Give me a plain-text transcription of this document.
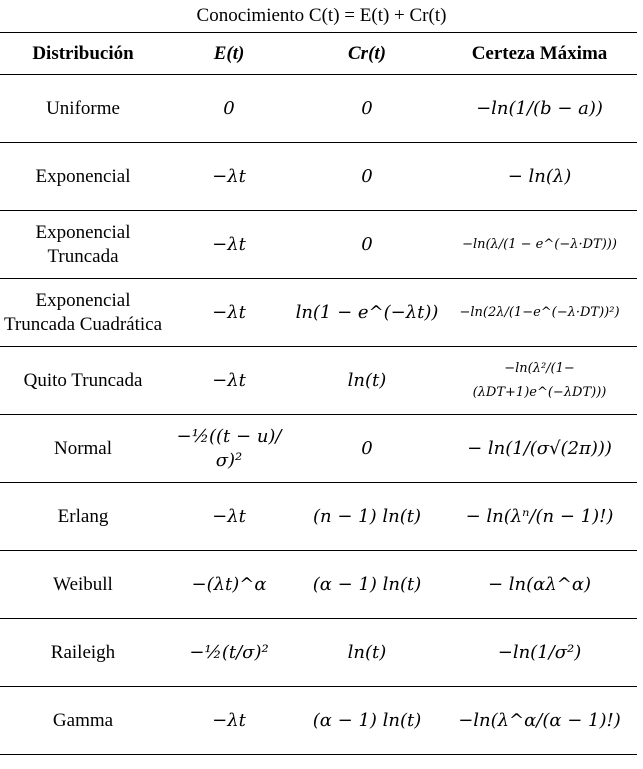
Conocimiento C(t) = E(t) + Cr(t)
Distribución	E(t)	Cr(t)	Certeza Máxima
Uniforme	0	0	−ln(1/(b − a))
Exponencial	−λt	0	− ln(λ)
Exponencial Truncada	−λt	0	−ln(λ/(1 − e^(−λ·DT)))
Exponencial Truncada Cuadrática	−λt	ln(1 − e^(−λt))	−ln(2λ/(1−e^(−λ·DT))²)
Quito Truncada	−λt	ln(t)	−ln(λ²/(1−(λDT+1)e^(−λDT)))
Normal	−½((t − u)/σ)²	0	− ln(1/(σ√(2π)))
Erlang	−λt	(n − 1) ln(t)	− ln(λⁿ/(n − 1)!)
Weibull	−(λt)^α	(α − 1) ln(t)	− ln(αλ^α)
Raileigh	−½(t/σ)²	ln(t)	−ln(1/σ²)
Gamma	−λt	(α − 1) ln(t)	−ln(λ^α/(α − 1)!)
